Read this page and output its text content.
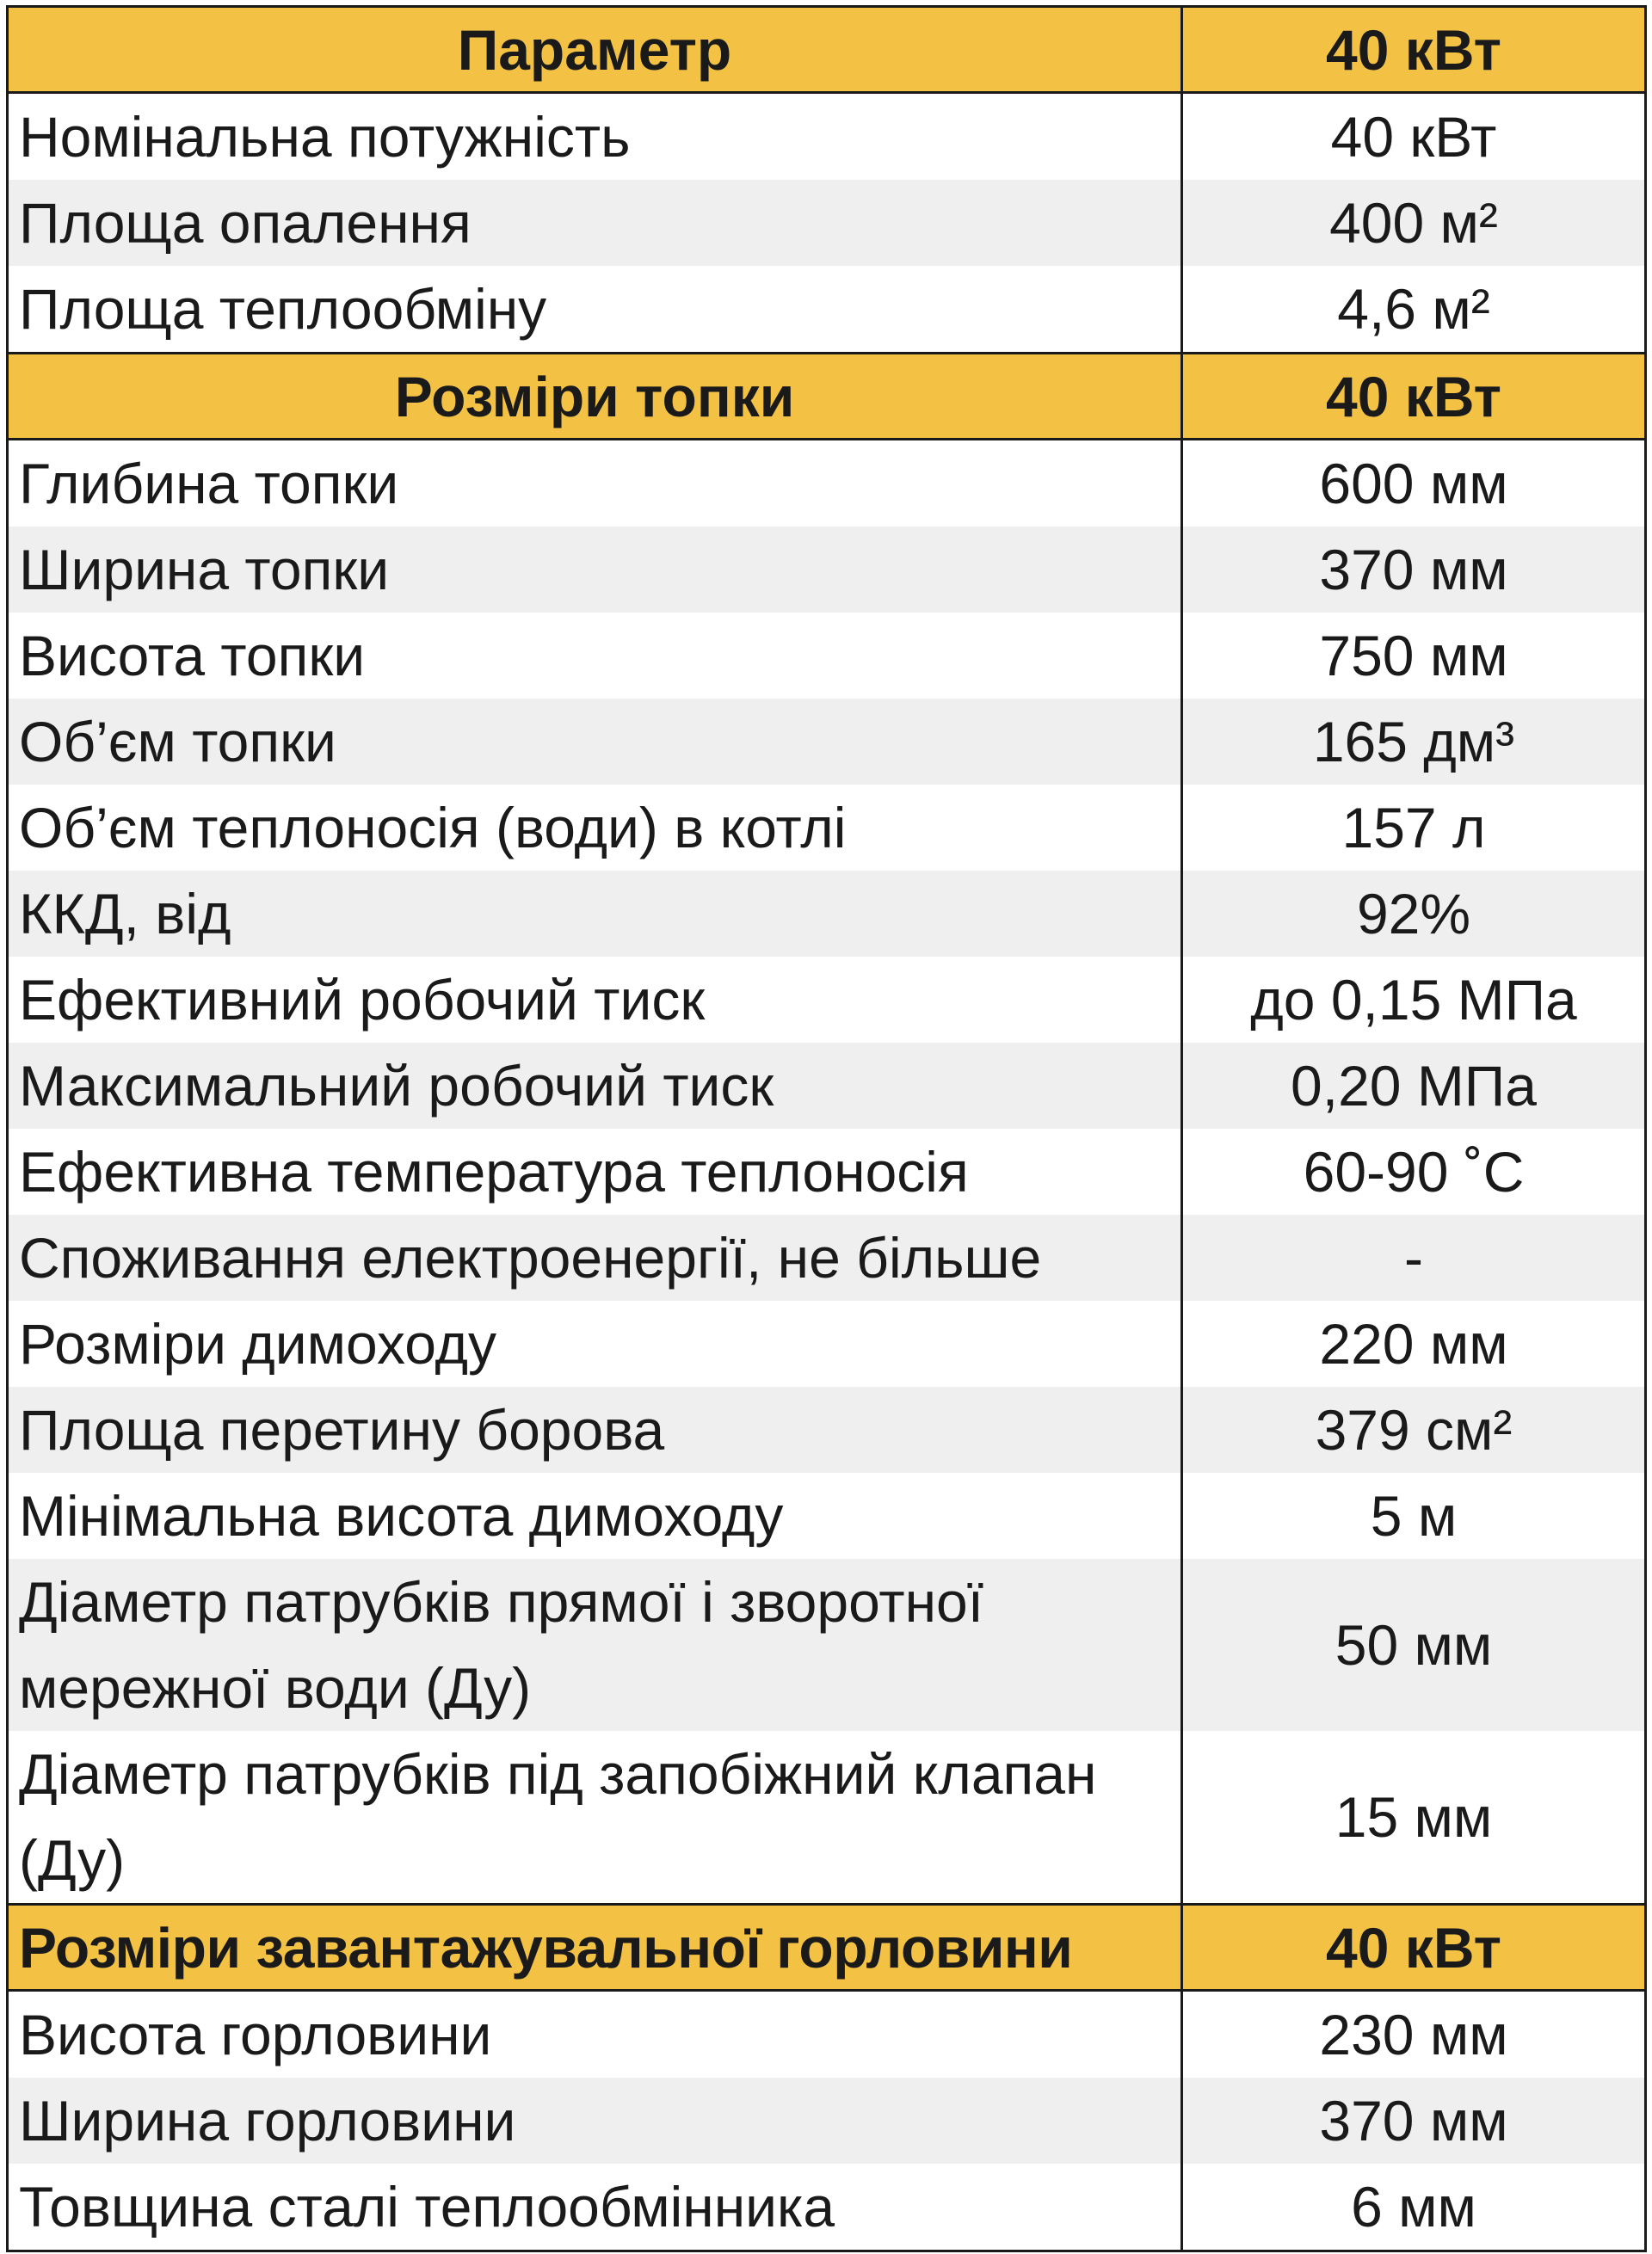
Параметр	40 кВт
Номінальна потужність	40 кВт
Площа опалення	400 м²
Площа теплообміну	4,6 м²
Розміри топки	40 кВт
Глибина топки	600 мм
Ширина топки	370 мм
Висота топки	750 мм
Об’єм топки	165 дм³
Об’єм теплоносія (води) в котлі	157 л
ККД, від	92%
Ефективний робочий тиск	до 0,15 МПа
Максимальний робочий тиск	0,20 МПа
Ефективна температура теплоносія	60-90 ˚С
Споживання електроенергії, не більше	-
Розміри димоходу	220 мм
Площа перетину борова	379 см²
Мінімальна висота димоходу	5 м
Діаметр патрубків прямої і зворотної мережної води (Ду)	50 мм
Діаметр патрубків під запобіжний клапан (Ду)	15 мм
Розміри завантажувальної горловини	40 кВт
Висота горловини	230 мм
Ширина горловини	370 мм
Товщина сталі теплообмінника	6 мм
